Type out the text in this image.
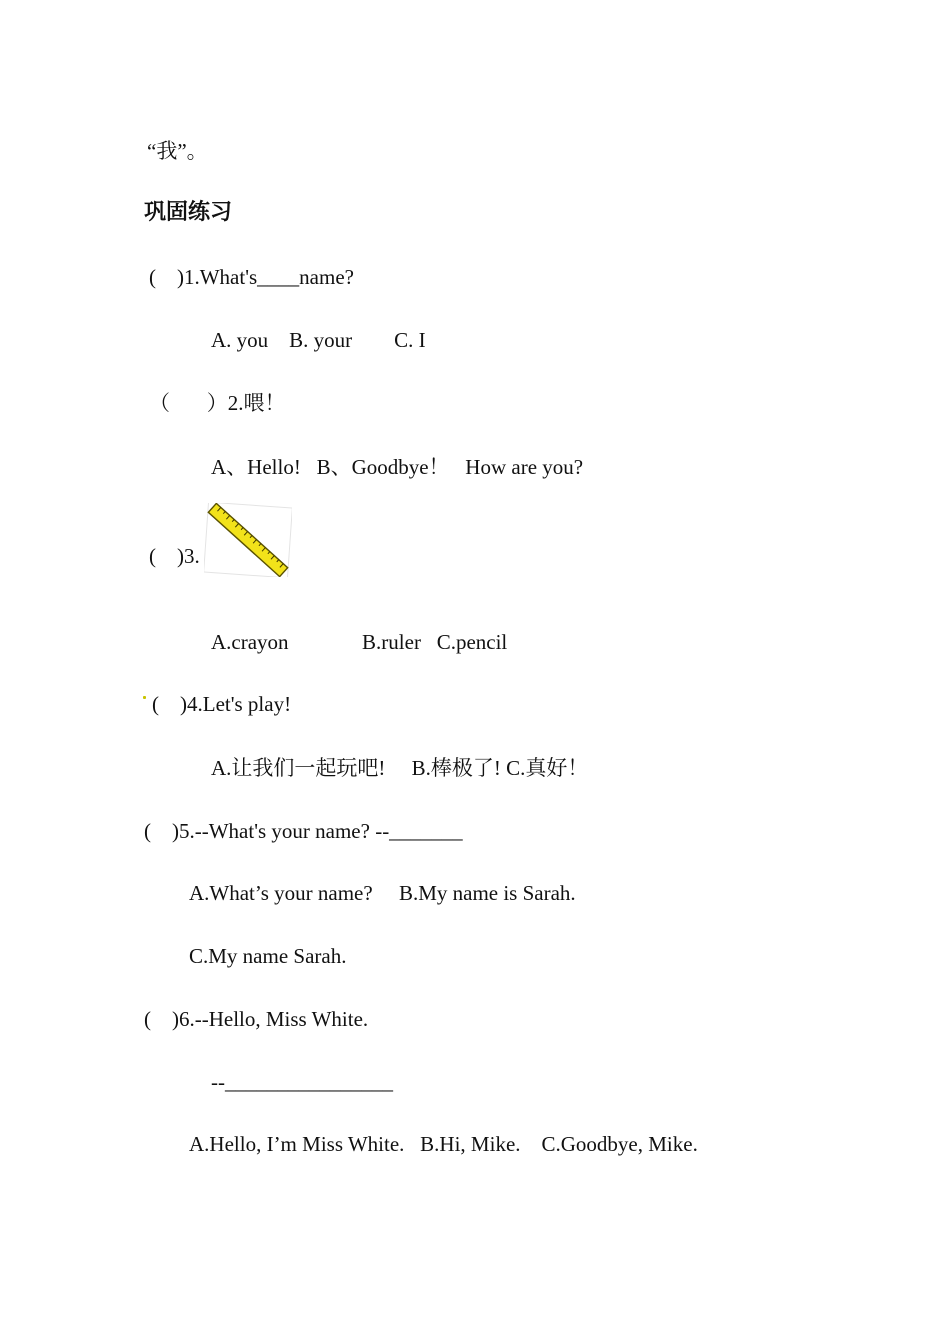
“我”。
巩固练习
(    )1.What's____name?
A. you    B. your        C. I
（       ）2.喂！
A、Hello!   B、Goodbye！   How are you?
(    )3.
A.crayon              B.ruler   C.pencil
(    )4.Let's play!
A.让我们一起玩吧!     B.棒极了! C.真好！
(    )5.--What's your name? --_______
A.What’s your name?     B.My name is Sarah.
C.My name Sarah.
(    )6.--Hello, Miss White.
--________________
A.Hello, I’m Miss White.   B.Hi, Mike.    C.Goodbye, Mike.
